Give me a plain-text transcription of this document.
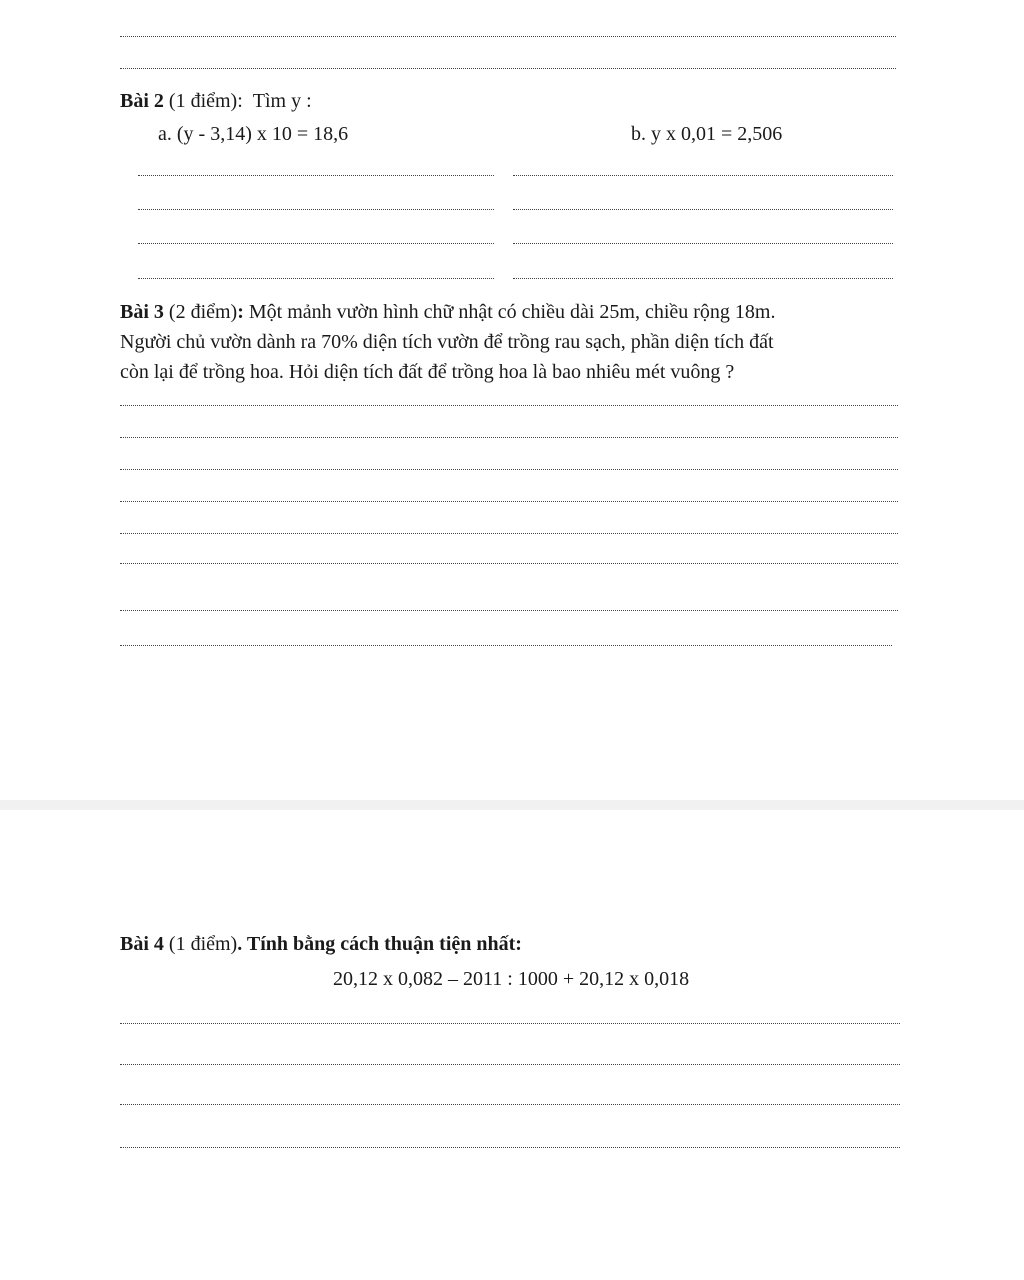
Bài 2 (1 điểm): Tìm y :
a. (y - 3,14) x 10 = 18,6	b. y x 0,01 = 2,506
Bài 3 (2 điểm): Một mảnh vườn hình chữ nhật có chiều dài 25m, chiều rộng 18m.
Người chủ vườn dành ra 70% diện tích vườn để trồng rau sạch, phần diện tích đất
còn lại để trồng hoa. Hỏi diện tích đất để trồng hoa là bao nhiêu mét vuông ?
Bài 4 (1 điểm). Tính bằng cách thuận tiện nhất:
20,12 x 0,082 – 2011 : 1000 + 20,12 x 0,018
